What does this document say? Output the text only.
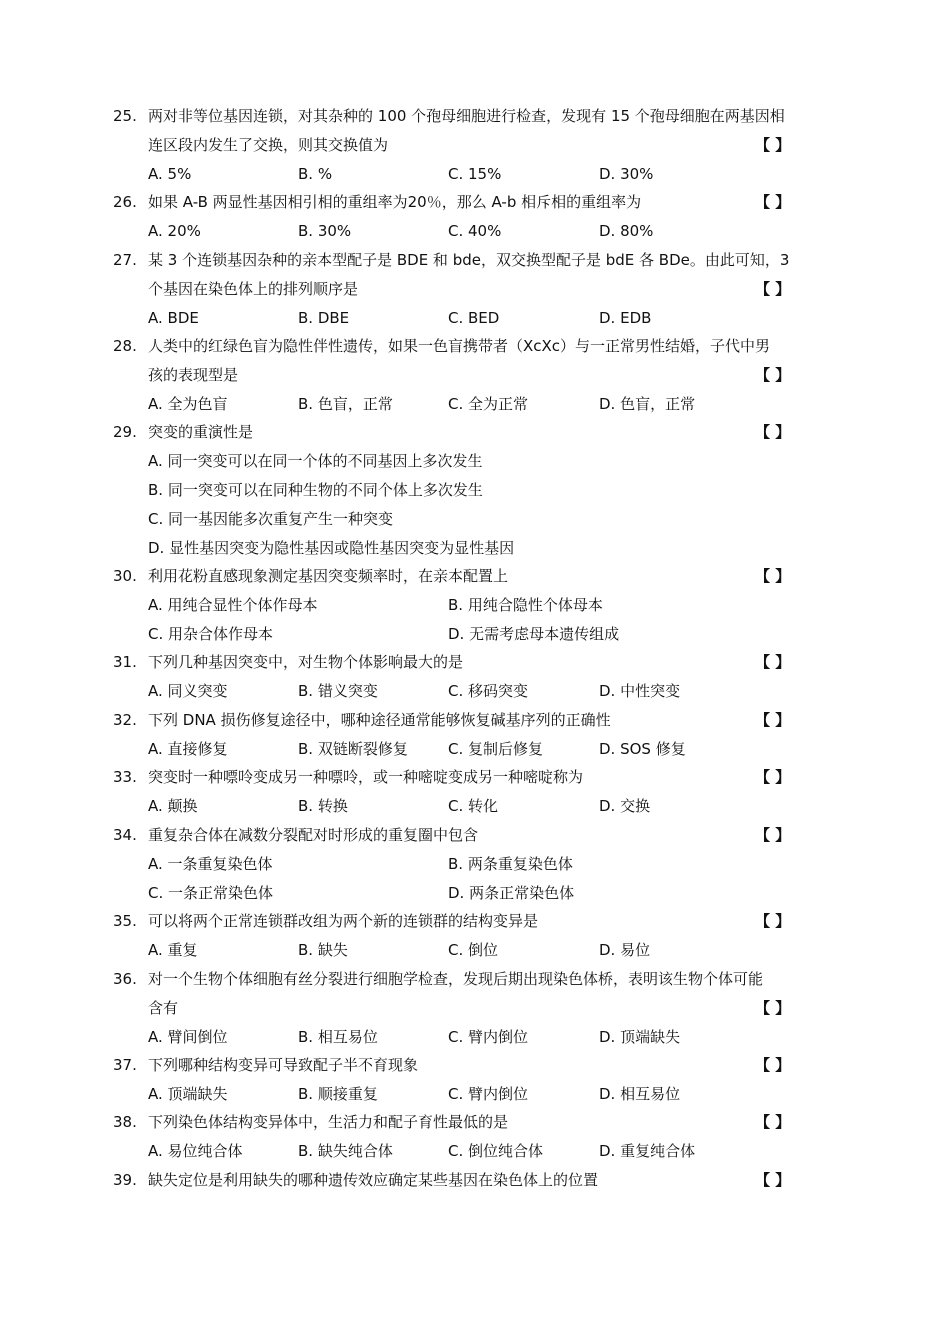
25. 两对非等位基因连锁，对其杂种的 100 个孢母细胞进行检查，发现有 15 个孢母细胞在两基因相
连区段内发生了交换，则其交换值为	【 】
A. 5%	B. %	C. 15%	D. 30%
26. 如果 A-B 两显性基因相引相的重组率为20％，那么 A-b 相斥相的重组率为	【 】
A. 20%	B. 30%	C. 40%	D. 80%
27. 某 3 个连锁基因杂种的亲本型配子是 BDE 和 bde，双交换型配子是 bdE 各 BDe。由此可知，3
个基因在染色体上的排列顺序是	【 】
A. BDE	B. DBE	C. BED	D. EDB
28. 人类中的红绿色盲为隐性伴性遗传，如果一色盲携带者（XcXc）与一正常男性结婚，子代中男
孩的表现型是	【 】
A. 全为色盲	B. 色盲，正常	C. 全为正常	D. 色盲，正常
29. 突变的重演性是	【 】
A. 同一突变可以在同一个体的不同基因上多次发生
B. 同一突变可以在同种生物的不同个体上多次发生
C. 同一基因能多次重复产生一种突变
D. 显性基因突变为隐性基因或隐性基因突变为显性基因
30. 利用花粉直感现象测定基因突变频率时，在亲本配置上	【 】
A. 用纯合显性个体作母本	B. 用纯合隐性个体母本
C. 用杂合体作母本	D. 无需考虑母本遗传组成
31. 下列几种基因突变中，对生物个体影响最大的是	【 】
A. 同义突变	B. 错义突变	C. 移码突变	D. 中性突变
32. 下列 DNA 损伤修复途径中，哪种途径通常能够恢复碱基序列的正确性	【 】
A. 直接修复	B. 双链断裂修复	C. 复制后修复	D. SOS 修复
33. 突变时一种嘌呤变成另一种嘌呤，或一种嘧啶变成另一种嘧啶称为	【 】
A. 颠换	B. 转换	C. 转化	D. 交换
34. 重复杂合体在减数分裂配对时形成的重复圈中包含	【 】
A. 一条重复染色体	B. 两条重复染色体
C. 一条正常染色体	D. 两条正常染色体
35. 可以将两个正常连锁群改组为两个新的连锁群的结构变异是	【 】
A. 重复	B. 缺失	C. 倒位	D. 易位
36. 对一个生物个体细胞有丝分裂进行细胞学检查，发现后期出现染色体桥，表明该生物个体可能
含有	【 】
A. 臂间倒位	B. 相互易位	C. 臂内倒位	D. 顶端缺失
37. 下列哪种结构变异可导致配子半不育现象	【 】
A. 顶端缺失	B. 顺接重复	C. 臂内倒位	D. 相互易位
38. 下列染色体结构变异体中，生活力和配子育性最低的是	【 】
A. 易位纯合体	B. 缺失纯合体	C. 倒位纯合体	D. 重复纯合体
39. 缺失定位是利用缺失的哪种遗传效应确定某些基因在染色体上的位置	【 】
